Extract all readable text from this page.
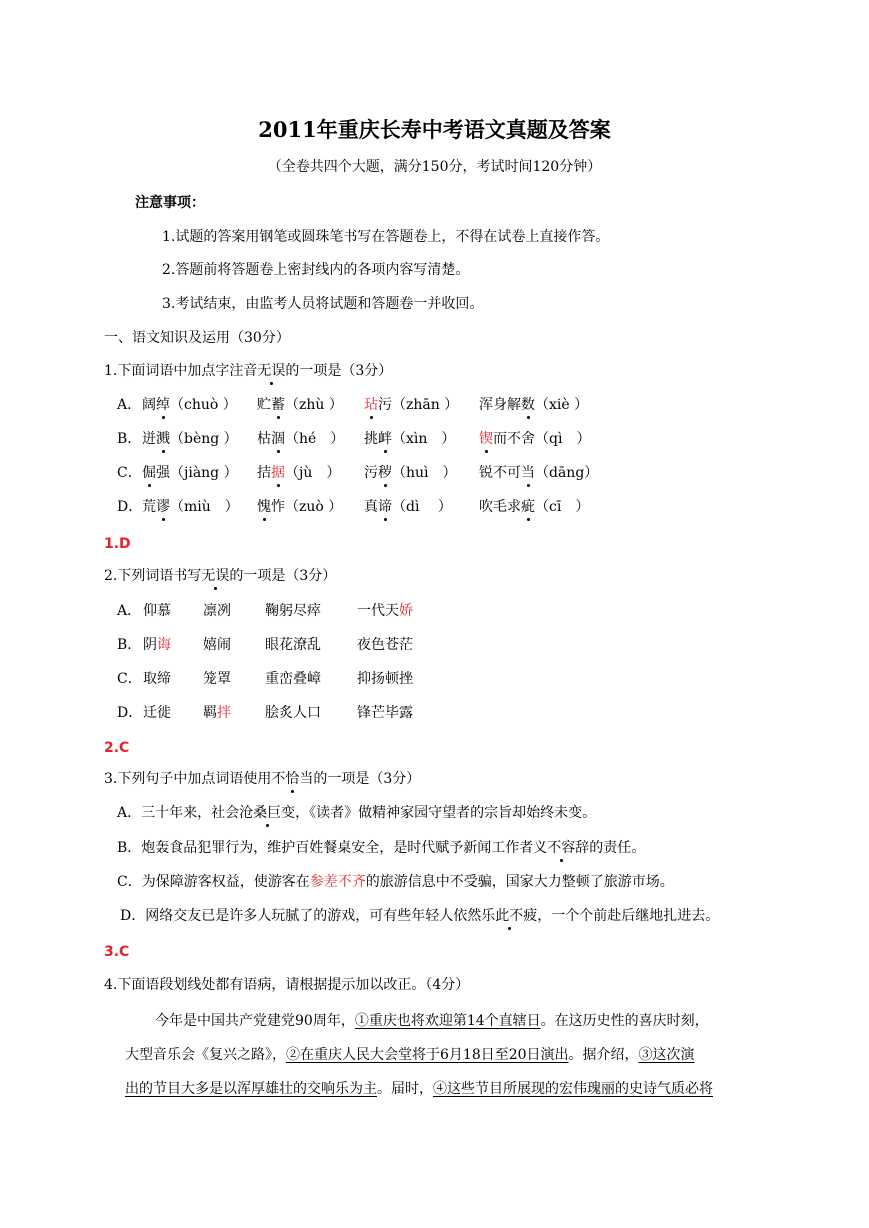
2011年重庆长寿中考语文真题及答案
（全卷共四个大题，满分150分，考试时间120分钟）
注意事项：
1.试题的答案用钢笔或圆珠笔书写在答题卷上，不得在试卷上直接作答。
2.答题前将答题卷上密封线内的各项内容写清楚。
3.考试结束，由监考人员将试题和答题卷一并收回。
一、语文知识及运用（30分）
1.下面词语中加点字注音无误的一项是（3分）
A． 阔绰（chuò ） 贮蓄（zhù ） 玷污（zhān ） 浑身解数（xiè ）
B． 迸溅（bèng ） 枯涸（hé　） 挑衅（xìn　） 锲而不舍（qì　）
C． 倔强（jiàng ） 拮据（jù　） 污秽（huì　） 锐不可当（dāng）
D． 荒谬（miù　） 愧怍（zuò ） 真谛（dì　 ） 吹毛求疵（cī　）
1.D
2.下列词语书写无误的一项是（3分）
A． 仰慕 凛冽 鞠躬尽瘁	一代天娇
B． 阴诲 嬉闹 眼花潦乱	夜色苍茫
C． 取缔 笼罩 重峦叠嶂	抑扬顿挫
D． 迁徙 羁拌 脍炙人口	锋芒毕露
2.C
3.下列句子中加点词语使用不恰当的一项是（3分）
A．三十年来，社会沧桑巨变，《读者》做精神家园守望者的宗旨却始终未变。
B．炮轰食品犯罪行为，维护百姓餐桌安全，是时代赋予新闻工作者义不容辞的责任。
C．为保障游客权益，使游客在参差不齐的旅游信息中不受骗，国家大力整顿了旅游市场。
D．网络交友已是许多人玩腻了的游戏，可有些年轻人依然乐此不疲，一个个前赴后继地扎进去。
3.C
4.下面语段划线处都有语病，请根据提示加以改正。（4分）
今年是中国共产党建党90周年，①重庆也将欢迎第14个直辖日。在这历史性的喜庆时刻，
大型音乐会《复兴之路》，②在重庆人民大会堂将于6月18日至20日演出。据介绍，③这次演
出的节目大多是以浑厚雄壮的交响乐为主。届时，④这些节目所展现的宏伟瑰丽的史诗气质必将
